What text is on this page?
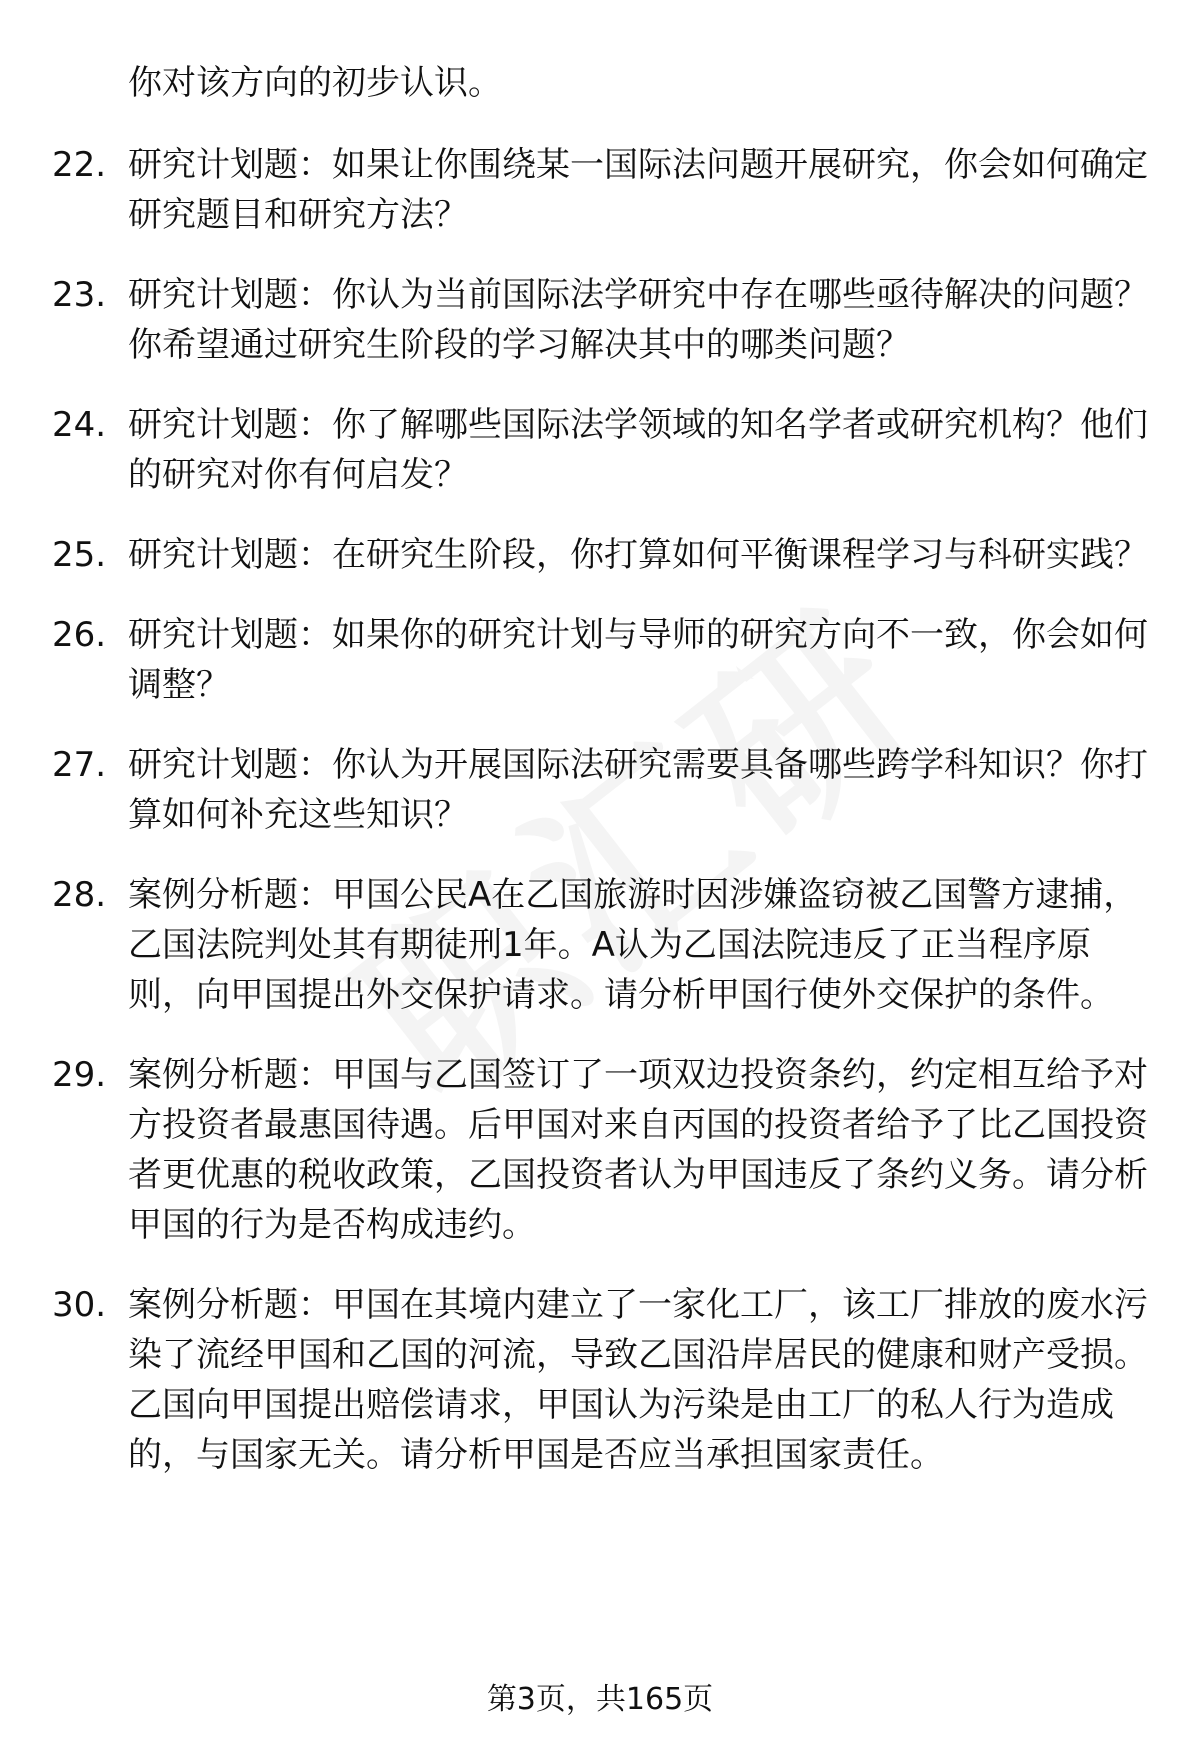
你对该方向的初步认识。
22. 研究计划题：如果让你围绕某一国际法问题开展研究，你会如何确定研究题目和研究方法？
23. 研究计划题：你认为当前国际法学研究中存在哪些亟待解决的问题？你希望通过研究生阶段的学习解决其中的哪类问题？
24. 研究计划题：你了解哪些国际法学领域的知名学者或研究机构？他们的研究对你有何启发？
25. 研究计划题：在研究生阶段，你打算如何平衡课程学习与科研实践？
26. 研究计划题：如果你的研究计划与导师的研究方向不一致，你会如何调整？
27. 研究计划题：你认为开展国际法研究需要具备哪些跨学科知识？你打算如何补充这些知识？
28. 案例分析题：甲国公民A在乙国旅游时因涉嫌盗窃被乙国警方逮捕，乙国法院判处其有期徒刑1年。A认为乙国法院违反了正当程序原则，向甲国提出外交保护请求。请分析甲国行使外交保护的条件。
29. 案例分析题：甲国与乙国签订了一项双边投资条约，约定相互给予对方投资者最惠国待遇。后甲国对来自丙国的投资者给予了比乙国投资者更优惠的税收政策，乙国投资者认为甲国违反了条约义务。请分析甲国的行为是否构成违约。
30. 案例分析题：甲国在其境内建立了一家化工厂，该工厂排放的废水污染了流经甲国和乙国的河流，导致乙国沿岸居民的健康和财产受损。乙国向甲国提出赔偿请求，甲国认为污染是由工厂的私人行为造成的，与国家无关。请分析甲国是否应当承担国家责任。
第3页，共165页
